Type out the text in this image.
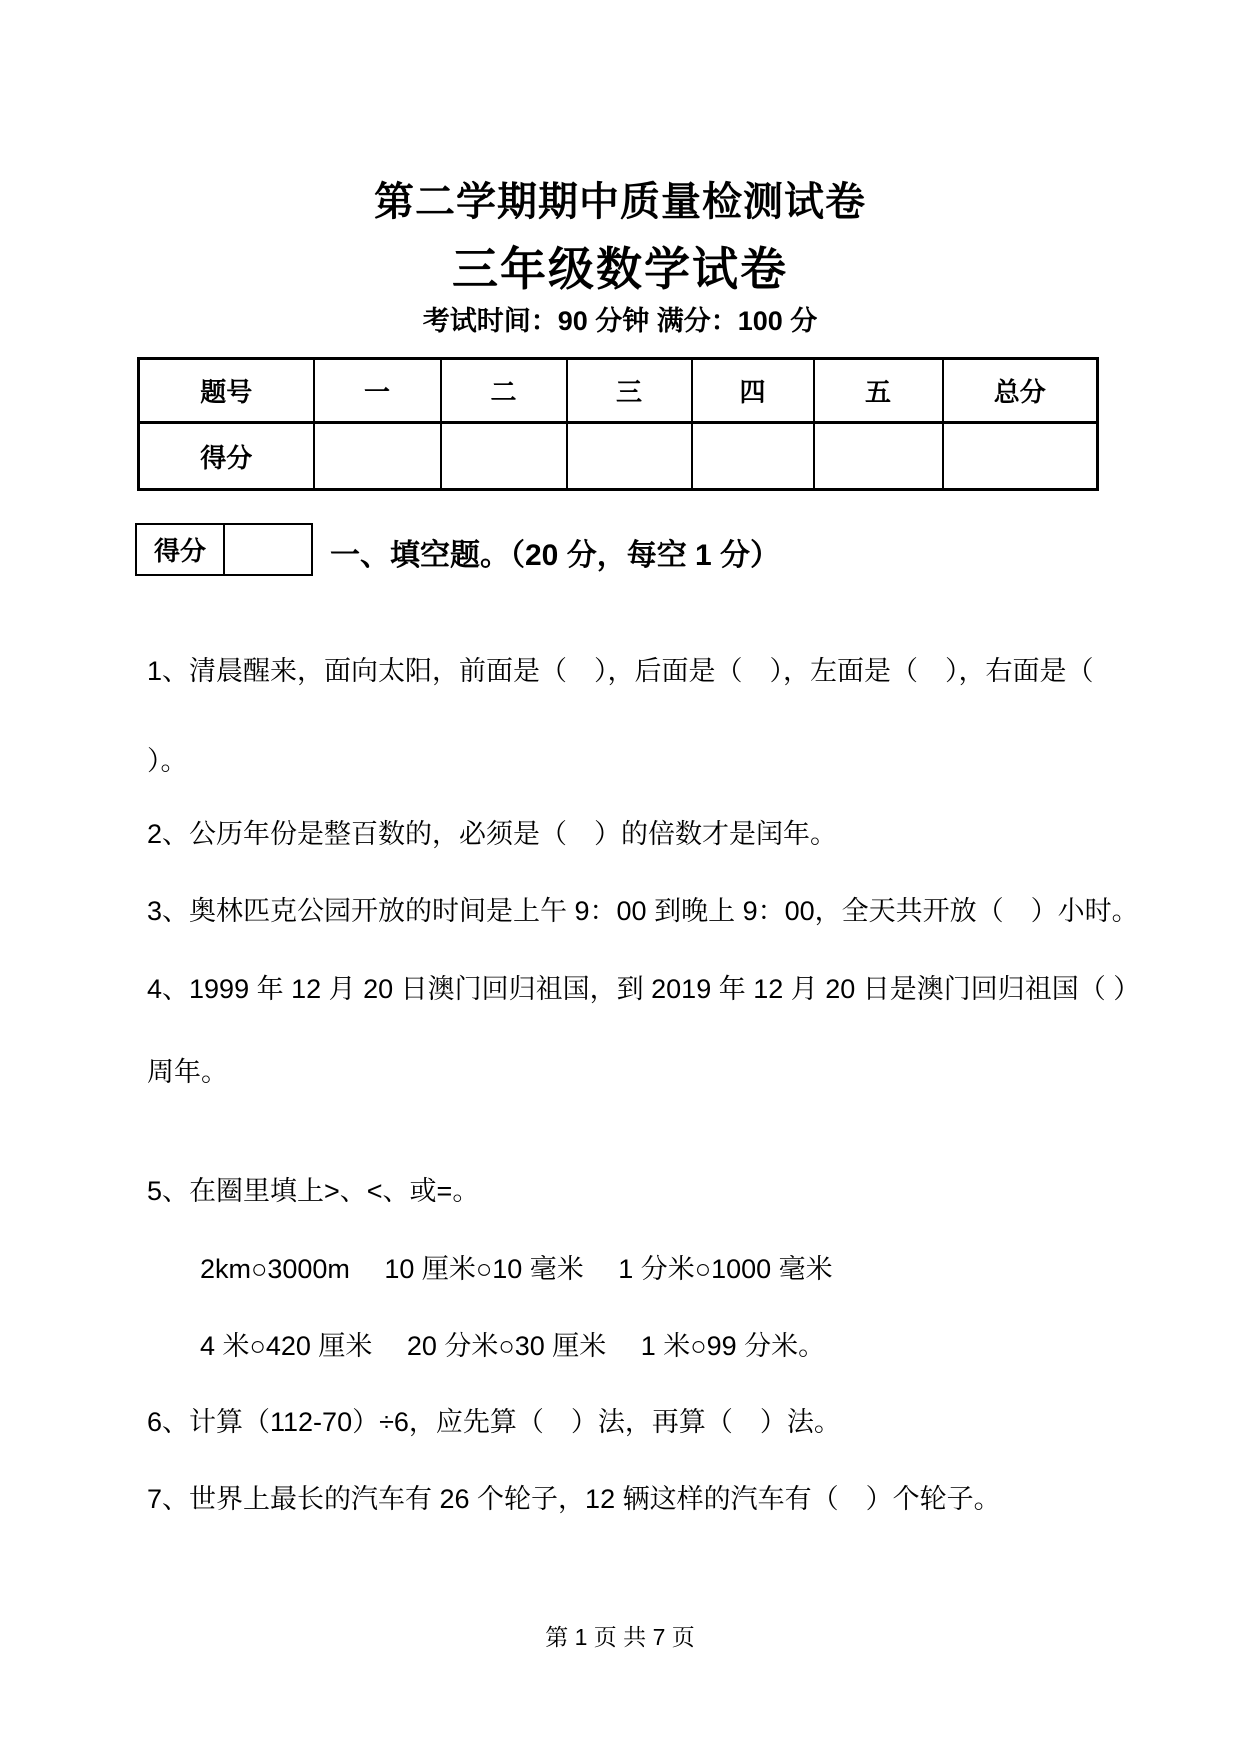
第二学期期中质量检测试卷
三年级数学试卷
考试时间：90 分钟 满分：100 分
题号	一	二	三	四	五	总分
得分						
得分	一、填空题。（20 分，每空 1 分）
1、清晨醒来，面向太阳，前面是（　），后面是（　），左面是（　），右面是（
）。
2、公历年份是整百数的，必须是（　）的倍数才是闰年。
3、奥林匹克公园开放的时间是上午 9：00 到晚上 9：00，全天共开放（　）小时。
4、1999 年 12 月 20 日澳门回归祖国，到 2019 年 12 月 20 日是澳门回归祖国（ ）
周年。
5、在圈里填上>、<、或=。
2km○3000m　 10 厘米○10 毫米　 1 分米○1000 毫米
4 米○420 厘米　 20 分米○30 厘米　 1 米○99 分米。
6、计算（112-70）÷6，应先算（　）法，再算（　）法。
7、世界上最长的汽车有 26 个轮子，12 辆这样的汽车有（　）个轮子。
第 1 页 共 7 页
